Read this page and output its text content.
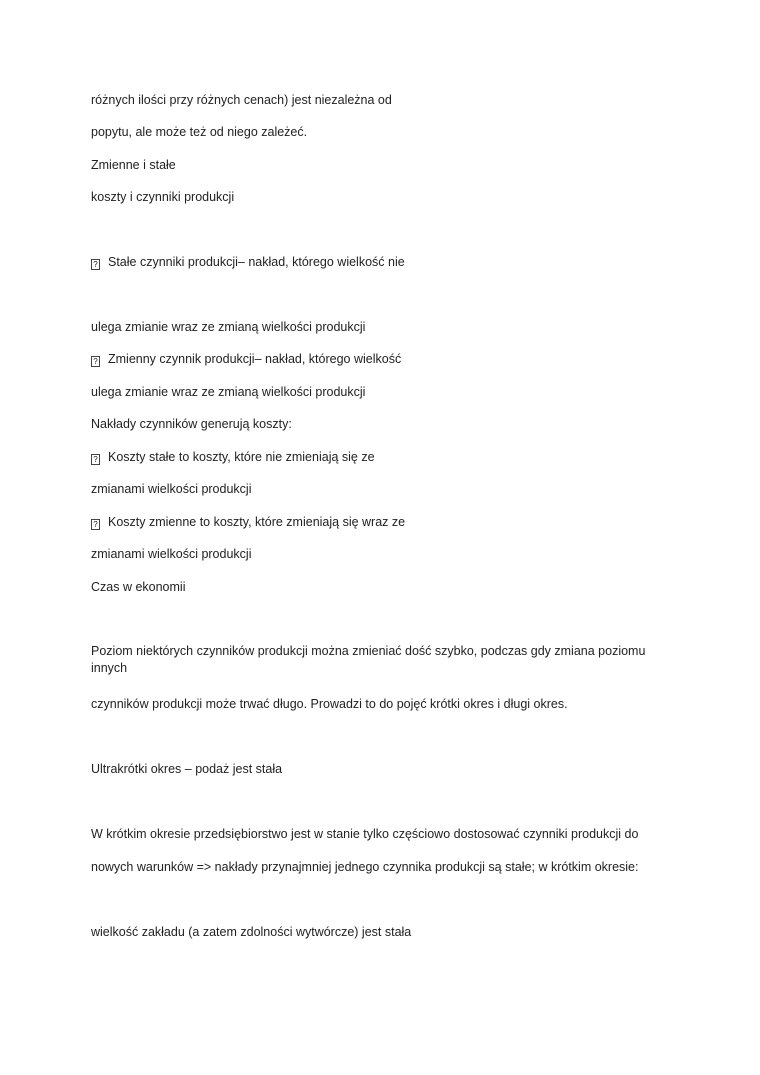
różnych ilości przy różnych cenach) jest niezależna od
popytu, ale może też od niego zależeć.
Zmienne i stałe
koszty i czynniki produkcji
? Stałe czynniki produkcji– nakład, którego wielkość nie
ulega zmianie wraz ze zmianą wielkości produkcji
? Zmienny czynnik produkcji– nakład, którego wielkość
ulega zmianie wraz ze zmianą wielkości produkcji
Nakłady czynników generują koszty:
? Koszty stałe to koszty, które nie zmieniają się ze
zmianami wielkości produkcji
? Koszty zmienne to koszty, które zmieniają się wraz ze
zmianami wielkości produkcji
Czas w ekonomii
Poziom niektórych czynników produkcji można zmieniać dość szybko, podczas gdy zmiana poziomu innych
czynników produkcji może trwać długo. Prowadzi to do pojęć krótki okres i długi okres.
Ultrakrótki okres – podaż jest stała
W krótkim okresie przedsiębiorstwo jest w stanie tylko częściowo dostosować czynniki produkcji do
nowych warunków => nakłady przynajmniej jednego czynnika produkcji są stałe; w krótkim okresie:
wielkość zakładu (a zatem zdolności wytwórcze) jest stała
